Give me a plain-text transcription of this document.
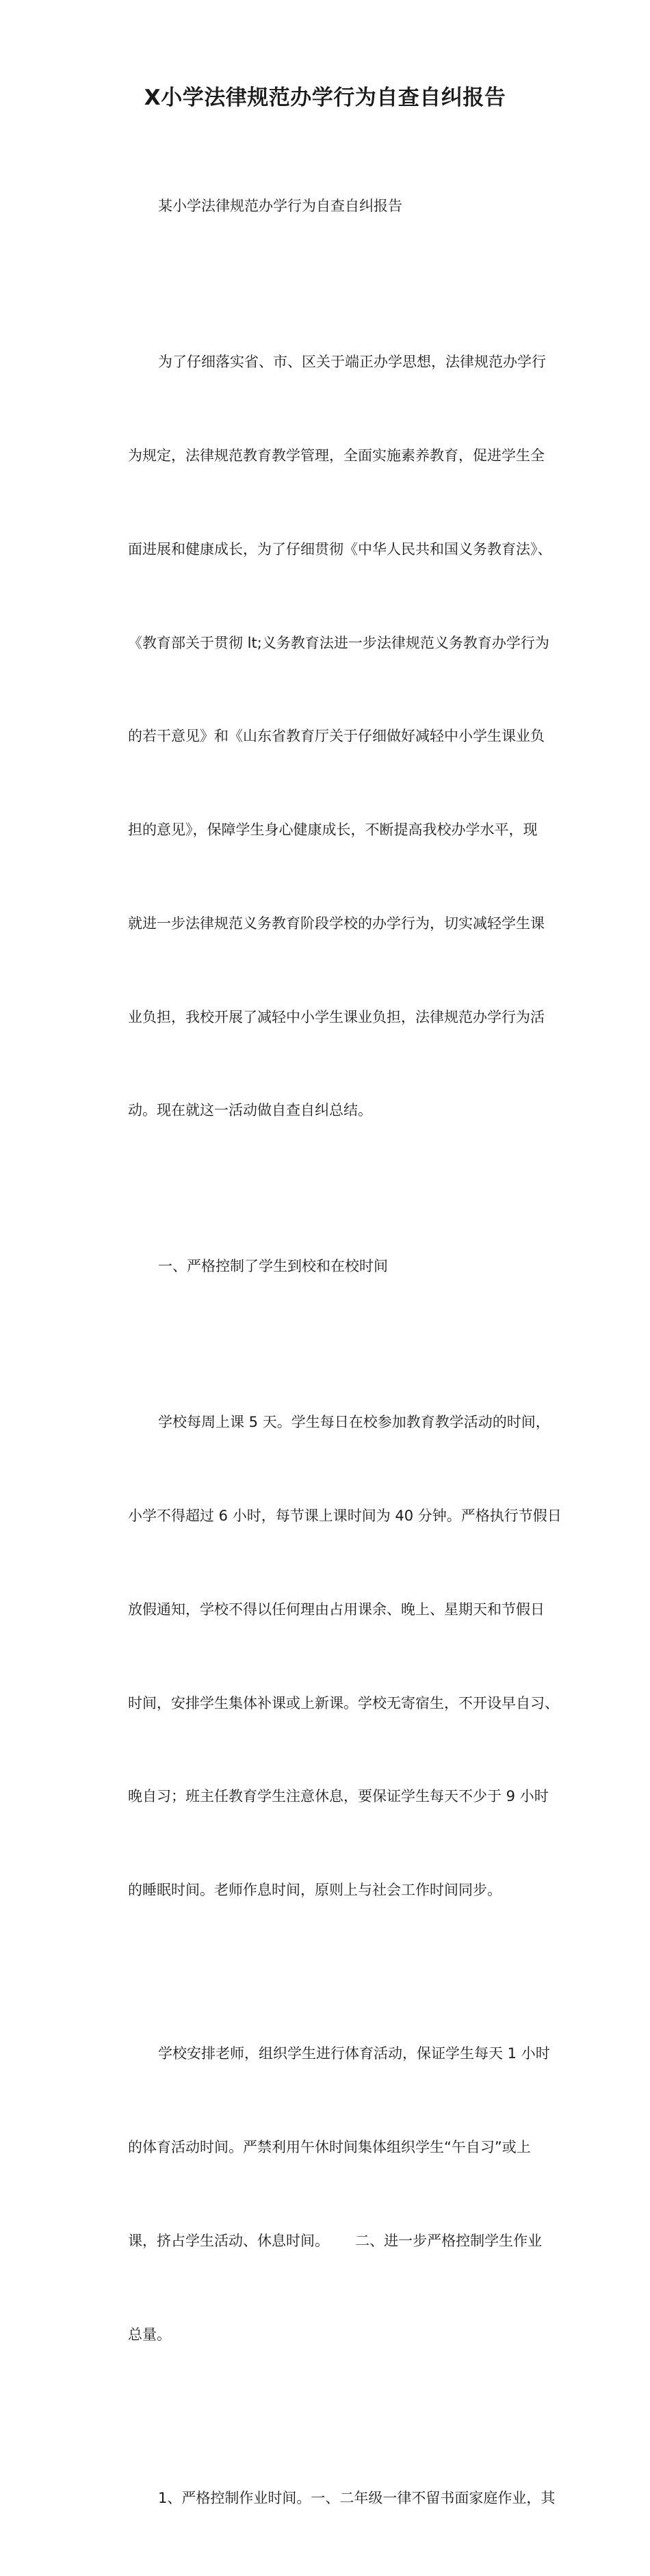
X小学法律规范办学行为自查自纠报告

某小学法律规范办学行为自查自纠报告

为了仔细落实省、市、区关于端正办学思想，法律规范办学行

为规定，法律规范教育教学管理，全面实施素养教育，促进学生全

面进展和健康成长，为了仔细贯彻《中华人民共和国义务教育法》、

《教育部关于贯彻 lt;义务教育法进一步法律规范义务教育办学行为

的若干意见》和《山东省教育厅关于仔细做好减轻中小学生课业负

担的意见》，保障学生身心健康成长，不断提高我校办学水平，现

就进一步法律规范义务教育阶段学校的办学行为，切实减轻学生课

业负担，我校开展了减轻中小学生课业负担，法律规范办学行为活

动。现在就这一活动做自查自纠总结。

一、严格控制了学生到校和在校时间

学校每周上课 5 天。学生每日在校参加教育教学活动的时间，

小学不得超过 6 小时，每节课上课时间为 40 分钟。严格执行节假日

放假通知，学校不得以任何理由占用课余、晚上、星期天和节假日

时间，安排学生集体补课或上新课。学校无寄宿生，不开设早自习、

晚自习；班主任教育学生注意休息，要保证学生每天不少于 9 小时

的睡眠时间。老师作息时间，原则上与社会工作时间同步。

学校安排老师，组织学生进行体育活动，保证学生每天 1 小时

的体育活动时间。严禁利用午休时间集体组织学生“午自习”或上

课，挤占学生活动、休息时间。　　 二、进一步严格控制学生作业

总量。

1、严格控制作业时间。一、二年级一律不留书面家庭作业，其
